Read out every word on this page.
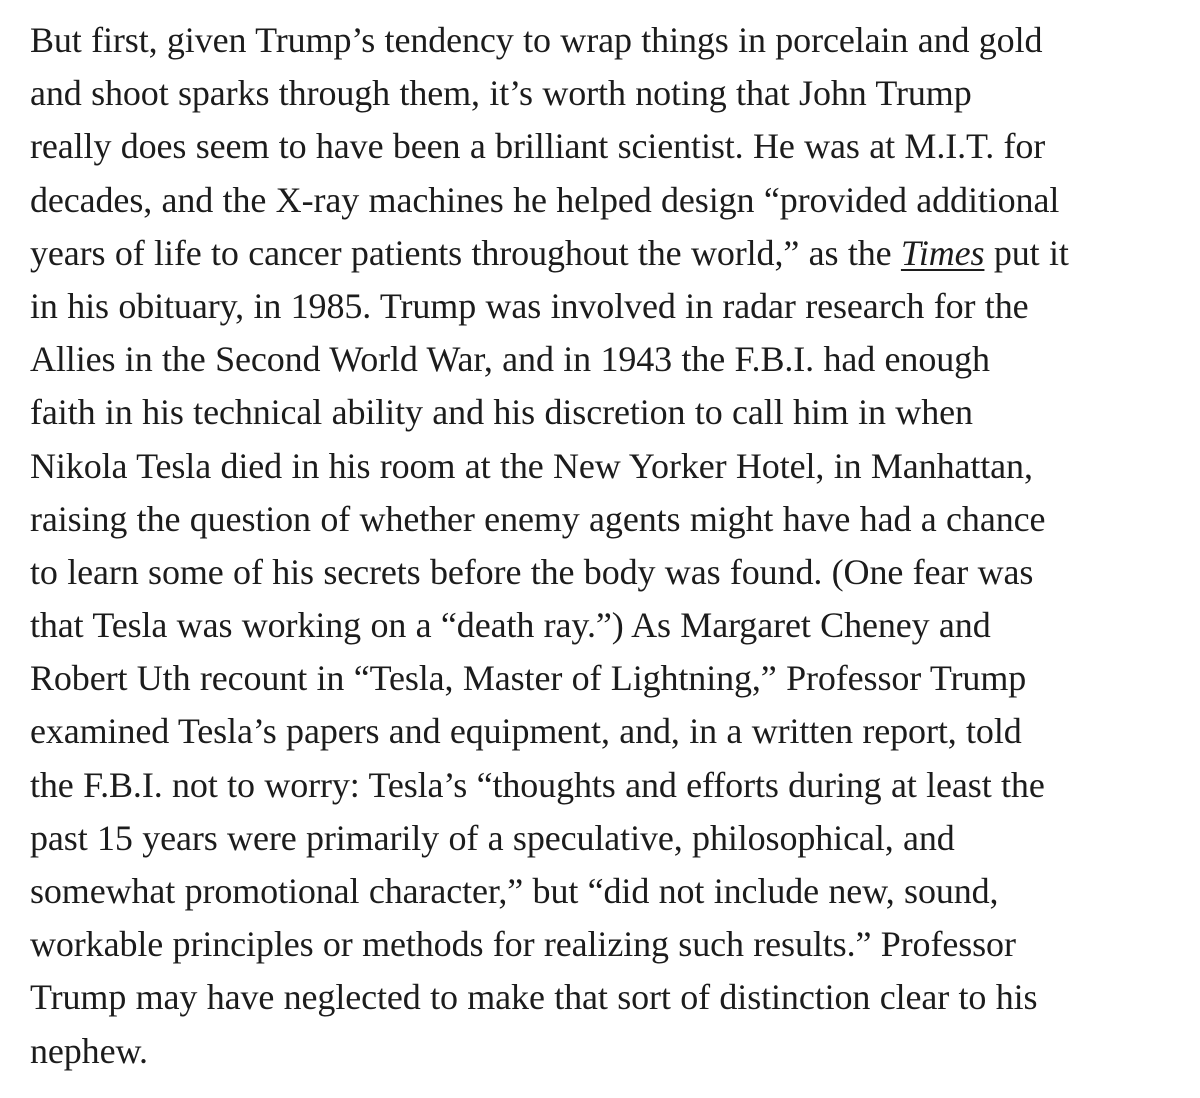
But first, given Trump’s tendency to wrap things in porcelain and gold
and shoot sparks through them, it’s worth noting that John Trump
really does seem to have been a brilliant scientist. He was at M.I.T. for
decades, and the X-ray machines he helped design “provided additional
years of life to cancer patients throughout the world,” as the Times put it
in his obituary, in 1985. Trump was involved in radar research for the
Allies in the Second World War, and in 1943 the F.B.I. had enough
faith in his technical ability and his discretion to call him in when
Nikola Tesla died in his room at the New Yorker Hotel, in Manhattan,
raising the question of whether enemy agents might have had a chance
to learn some of his secrets before the body was found. (One fear was
that Tesla was working on a “death ray.”) As Margaret Cheney and
Robert Uth recount in “Tesla, Master of Lightning,” Professor Trump
examined Tesla’s papers and equipment, and, in a written report, told
the F.B.I. not to worry: Tesla’s “thoughts and efforts during at least the
past 15 years were primarily of a speculative, philosophical, and
somewhat promotional character,” but “did not include new, sound,
workable principles or methods for realizing such results.” Professor
Trump may have neglected to make that sort of distinction clear to his
nephew.
